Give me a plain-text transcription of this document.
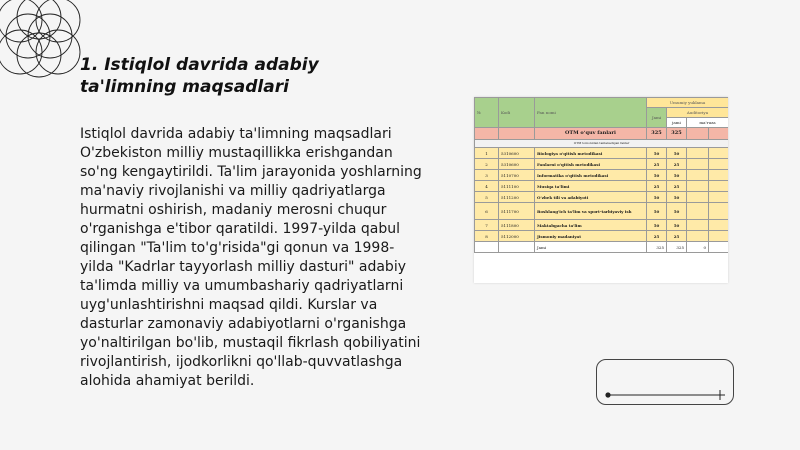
1. Istiqlol davrida adabiy ta'limning maqsadlari

Istiqlol davrida adabiy ta'limning maqsadlari O'zbekiston milliy mustaqillikka erishgandan so'ng kengaytirildi. Ta'lim jarayonida yoshlarning ma'naviy rivojlanishi va milliy qadriyatlarga hurmatni oshirish, madaniy merosni chuqur o'rganishga e'tibor qaratildi. 1997-yilda qabul qilingan "Ta'lim to'g'risida"gi qonun va 1998-yilda "Kadrlar tayyorlash milliy dasturi" adabiy ta'limda milliy va umumbashariy qadriyatlarni uyg'unlashtirishni maqsad qildi. Kurslar va dasturlar zamonaviy adabiyotlarni o'rganishga yo'naltirilgan bo'lib, mustaqil fikrlash qobiliyatini rivojlantirish, ijodkorlikni qo'llab-quvvatlashga alohida ahamiyat berildi.

№	Kodi	Fan nomi	Umumiy yuklama			
			Jami	Auditoriya		
				jami	ma'ruza	
		OTM oʻquv fanlari	325	325		
OTM tomonidan tanlanadigan fanlar						
1	5310600	Biologiya o'qitish metodikasi	50	50		
2	5310600	Fanlarni o'qitish metodikasi	25	25		
3	5110700	Informatika o'qitish metodikasi	50	50		
4	5111100	Musiqa ta'limi	25	25		
5	5111200	O'zbek tili va adabiyoti	50	50		
6	5111700	Boshlang'ich ta'lim va sport-tarbiyaviy ish	50	50		
7	5111800	Maktabgacha ta'lim	50	50		
8	5112000	Jismoniy madaniyat	25	25		
		Jami	325	325	0	
